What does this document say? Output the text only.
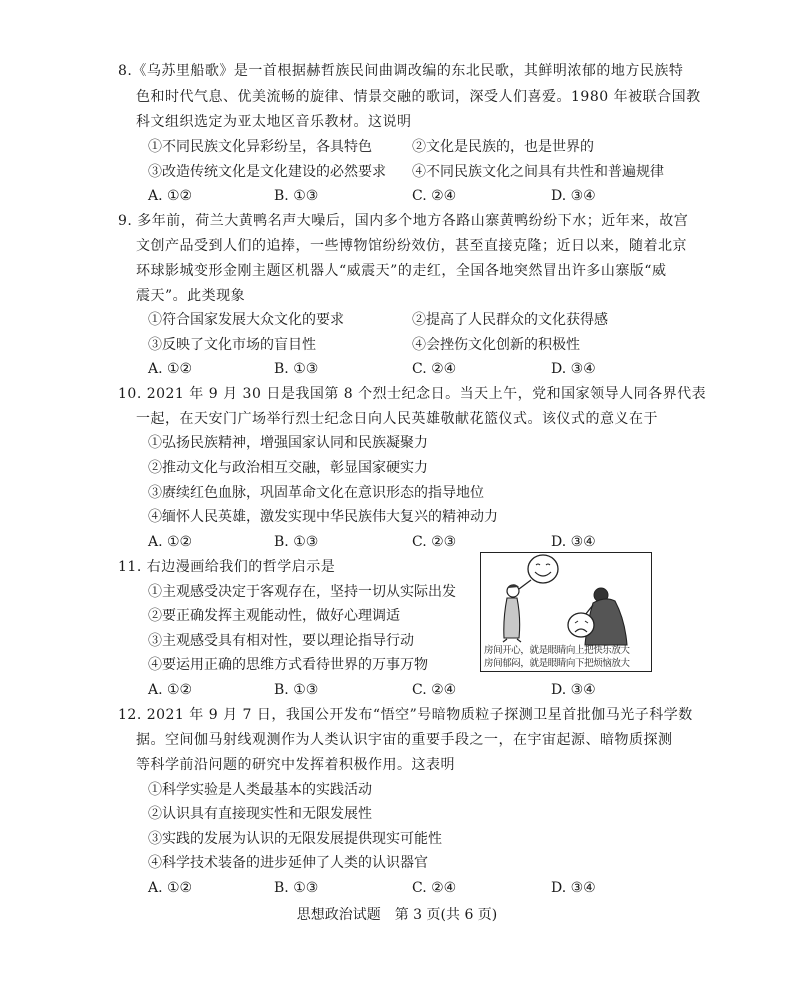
8.《乌苏里船歌》是一首根据赫哲族民间曲调改编的东北民歌，其鲜明浓郁的地方民族特
色和时代气息、优美流畅的旋律、情景交融的歌词，深受人们喜爱。1980 年被联合国教
科文组织选定为亚太地区音乐教材。这说明
①不同民族文化异彩纷呈，各具特色	②文化是民族的，也是世界的
③改造传统文化是文化建设的必然要求 ④不同民族文化之间具有共性和普遍规律
A. ①②	B. ①③	C. ②④	D. ③④
9. 多年前，荷兰大黄鸭名声大噪后，国内多个地方各路山寨黄鸭纷纷下水；近年来，故宫
文创产品受到人们的追捧，一些博物馆纷纷效仿，甚至直接克隆；近日以来，随着北京
环球影城变形金刚主题区机器人“威震天”的走红，全国各地突然冒出许多山寨版“威
震天”。此类现象
①符合国家发展大众文化的要求	②提高了人民群众的文化获得感
③反映了文化市场的盲目性	④会挫伤文化创新的积极性
A. ①②	B. ①③	C. ②④	D. ③④
10. 2021 年 9 月 30 日是我国第 8 个烈士纪念日。当天上午，党和国家领导人同各界代表
一起，在天安门广场举行烈士纪念日向人民英雄敬献花篮仪式。该仪式的意义在于
①弘扬民族精神，增强国家认同和民族凝聚力
②推动文化与政治相互交融，彰显国家硬实力
③赓续红色血脉，巩固革命文化在意识形态的指导地位
④缅怀人民英雄，激发实现中华民族伟大复兴的精神动力
A. ①②	B. ①③	C. ②③	D. ③④
11. 右边漫画给我们的哲学启示是
①主观感受决定于客观存在，坚持一切从实际出发
②要正确发挥主观能动性，做好心理调适
③主观感受具有相对性，要以理论指导行动
④要运用正确的思维方式看待世界的万事万物
A. ①②	B. ①③	C. ②④	D. ③④
房间开心，就是眼睛向上把快乐放大
房间郁闷，就是眼睛向下把烦恼放大
12. 2021 年 9 月 7 日，我国公开发布“悟空”号暗物质粒子探测卫星首批伽马光子科学数
据。空间伽马射线观测作为人类认识宇宙的重要手段之一，在宇宙起源、暗物质探测
等科学前沿问题的研究中发挥着积极作用。这表明
①科学实验是人类最基本的实践活动
②认识具有直接现实性和无限发展性
③实践的发展为认识的无限发展提供现实可能性
④科学技术装备的进步延伸了人类的认识器官
A. ①②	B. ①③	C. ②④	D. ③④
思想政治试题　第 3 页(共 6 页)
